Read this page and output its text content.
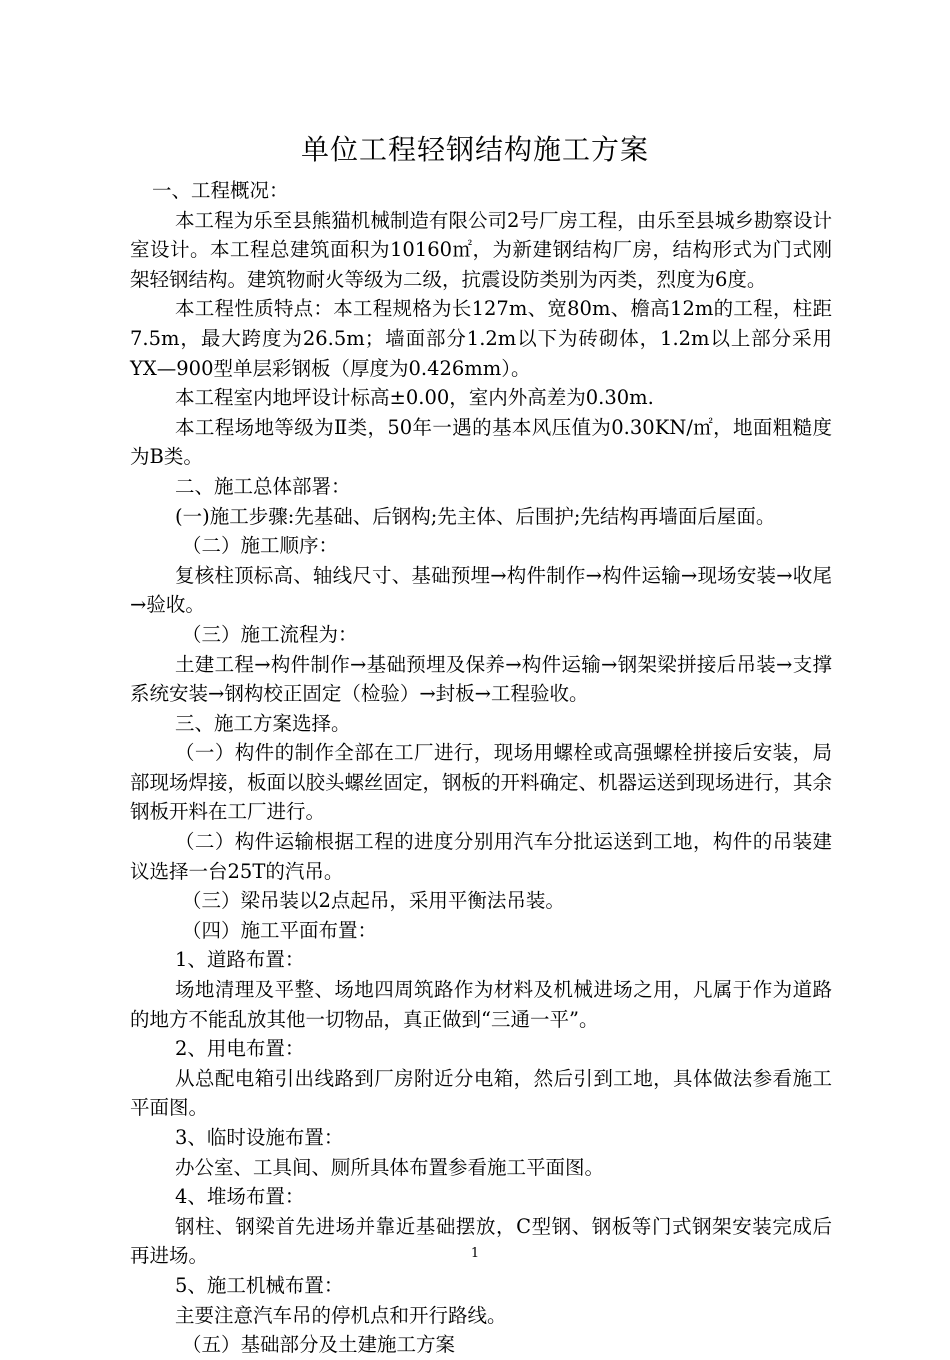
单位工程轻钢结构施工方案

一、工程概况：

本工程为乐至县熊猫机械制造有限公司2号厂房工程，由乐至县城乡勘察设计室设计。本工程总建筑面积为10160㎡，为新建钢结构厂房，结构形式为门式刚架轻钢结构。建筑物耐火等级为二级，抗震设防类别为丙类，烈度为6度。

本工程性质特点：本工程规格为长127m、宽80m、檐高12m的工程，柱距7.5m，最大跨度为26.5m；墙面部分1.2m以下为砖砌体，1.2m以上部分采用YX—900型单层彩钢板（厚度为0.426mm）。

本工程室内地坪设计标高±0.00，室内外高差为0.30m.

本工程场地等级为Ⅱ类，50年一遇的基本风压值为0.30KN/㎡，地面粗糙度为B类。

二、施工总体部署：

(一)施工步骤:先基础、后钢构;先主体、后围护;先结构再墙面后屋面。

（二）施工顺序：

复核柱顶标高、轴线尺寸、基础预埋→构件制作→构件运输→现场安装→收尾→验收。

（三）施工流程为：

土建工程→构件制作→基础预埋及保养→构件运输→钢架梁拼接后吊装→支撑系统安装→钢构校正固定（检验）→封板→工程验收。

三、施工方案选择。

（一）构件的制作全部在工厂进行，现场用螺栓或高强螺栓拼接后安装，局部现场焊接，板面以胶头螺丝固定，钢板的开料确定、机器运送到现场进行，其余钢板开料在工厂进行。

（二）构件运输根据工程的进度分别用汽车分批运送到工地，构件的吊装建议选择一台25T的汽吊。

（三）梁吊装以2点起吊，采用平衡法吊装。

（四）施工平面布置：

1、道路布置：

场地清理及平整、场地四周筑路作为材料及机械进场之用，凡属于作为道路的地方不能乱放其他一切物品，真正做到“三通一平”。

2、用电布置：

从总配电箱引出线路到厂房附近分电箱，然后引到工地，具体做法参看施工平面图。

3、临时设施布置：

办公室、工具间、厕所具体布置参看施工平面图。

4、堆场布置：

钢柱、钢梁首先进场并靠近基础摆放，C型钢、钢板等门式钢架安装完成后再进场。

5、施工机械布置：

主要注意汽车吊的停机点和开行路线。

（五）基础部分及土建施工方案

1
